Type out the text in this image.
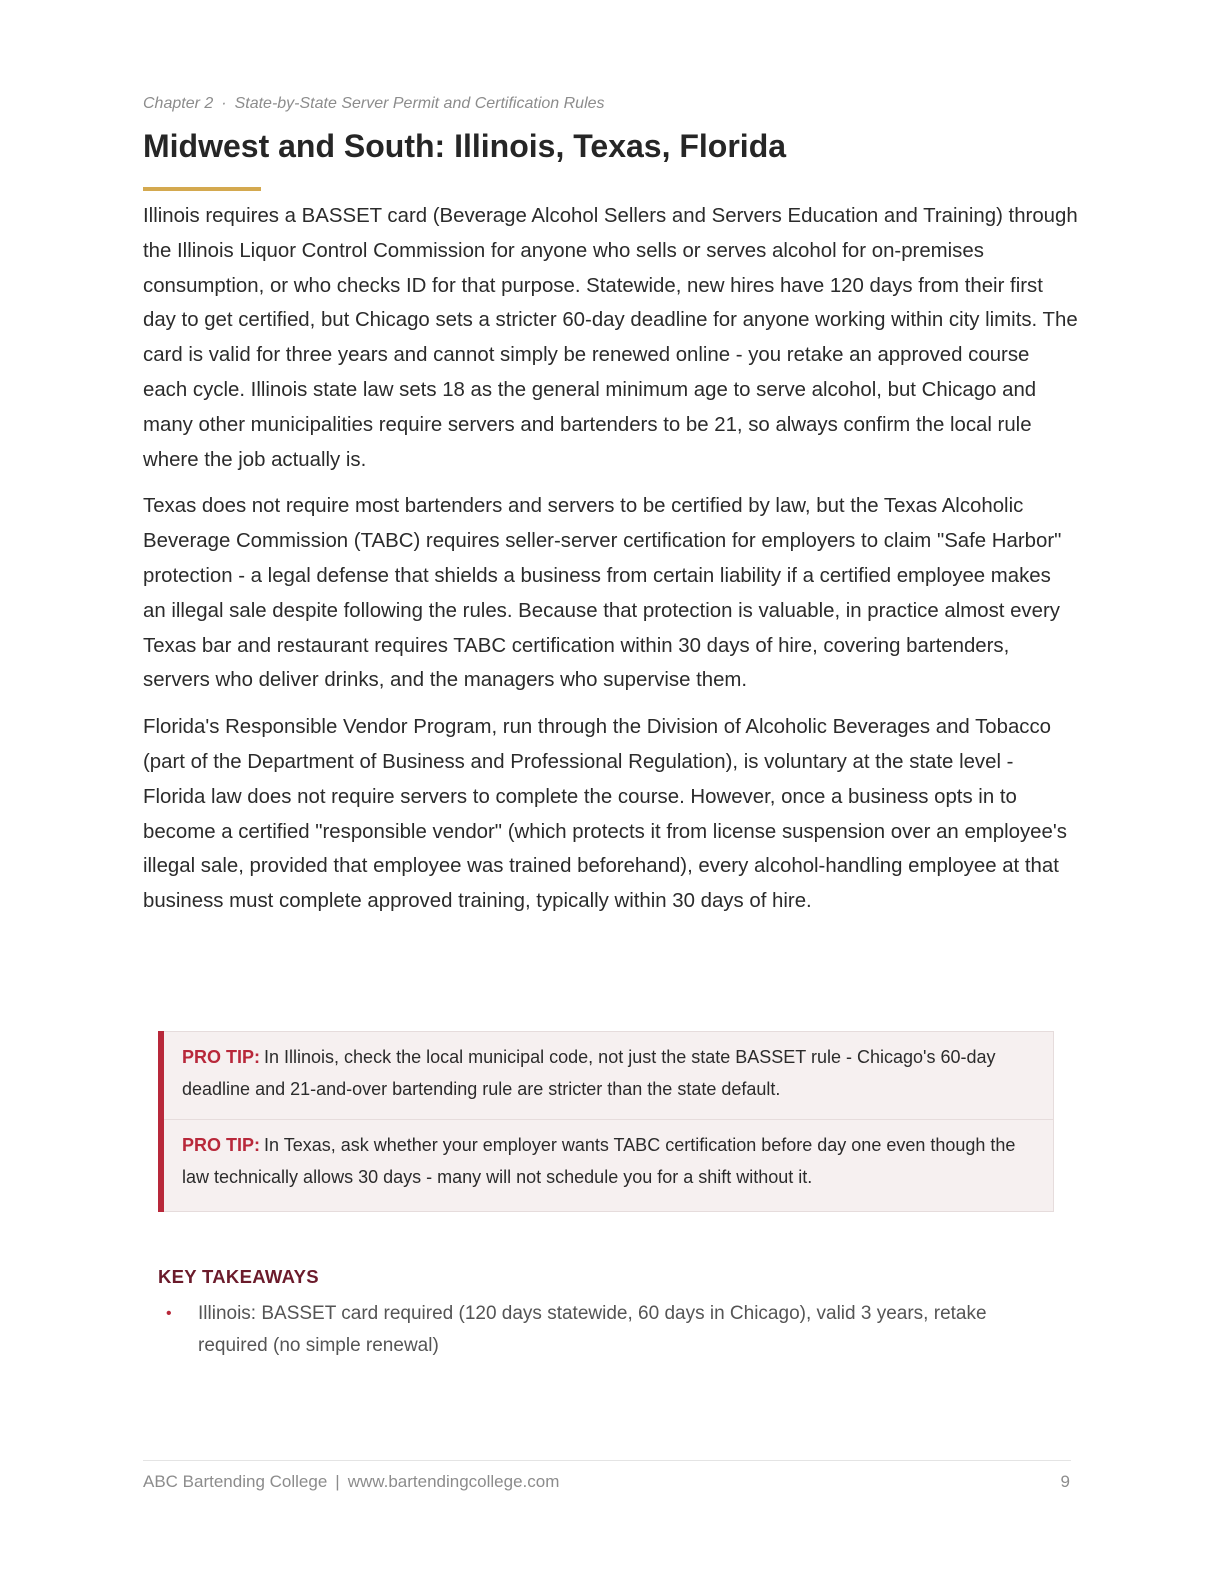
Chapter 2 · State-by-State Server Permit and Certification Rules
Midwest and South: Illinois, Texas, Florida

Illinois requires a BASSET card (Beverage Alcohol Sellers and Servers Education and Training) through the Illinois Liquor Control Commission for anyone who sells or serves alcohol for on-premises consumption, or who checks ID for that purpose. Statewide, new hires have 120 days from their first day to get certified, but Chicago sets a stricter 60-day deadline for anyone working within city limits. The card is valid for three years and cannot simply be renewed online - you retake an approved course each cycle. Illinois state law sets 18 as the general minimum age to serve alcohol, but Chicago and many other municipalities require servers and bartenders to be 21, so always confirm the local rule where the job actually is.

Texas does not require most bartenders and servers to be certified by law, but the Texas Alcoholic Beverage Commission (TABC) requires seller-server certification for employers to claim "Safe Harbor" protection - a legal defense that shields a business from certain liability if a certified employee makes an illegal sale despite following the rules. Because that protection is valuable, in practice almost every Texas bar and restaurant requires TABC certification within 30 days of hire, covering bartenders, servers who deliver drinks, and the managers who supervise them.

Florida's Responsible Vendor Program, run through the Division of Alcoholic Beverages and Tobacco (part of the Department of Business and Professional Regulation), is voluntary at the state level - Florida law does not require servers to complete the course. However, once a business opts in to become a certified "responsible vendor" (which protects it from license suspension over an employee's illegal sale, provided that employee was trained beforehand), every alcohol-handling employee at that business must complete approved training, typically within 30 days of hire.

PRO TIP: In Illinois, check the local municipal code, not just the state BASSET rule - Chicago's 60-day deadline and 21-and-over bartending rule are stricter than the state default.
PRO TIP: In Texas, ask whether your employer wants TABC certification before day one even though the law technically allows 30 days - many will not schedule you for a shift without it.
KEY TAKEAWAYS
• Illinois: BASSET card required (120 days statewide, 60 days in Chicago), valid 3 years, retake required (no simple renewal)
ABC Bartending College | www.bartendingcollege.com	9
